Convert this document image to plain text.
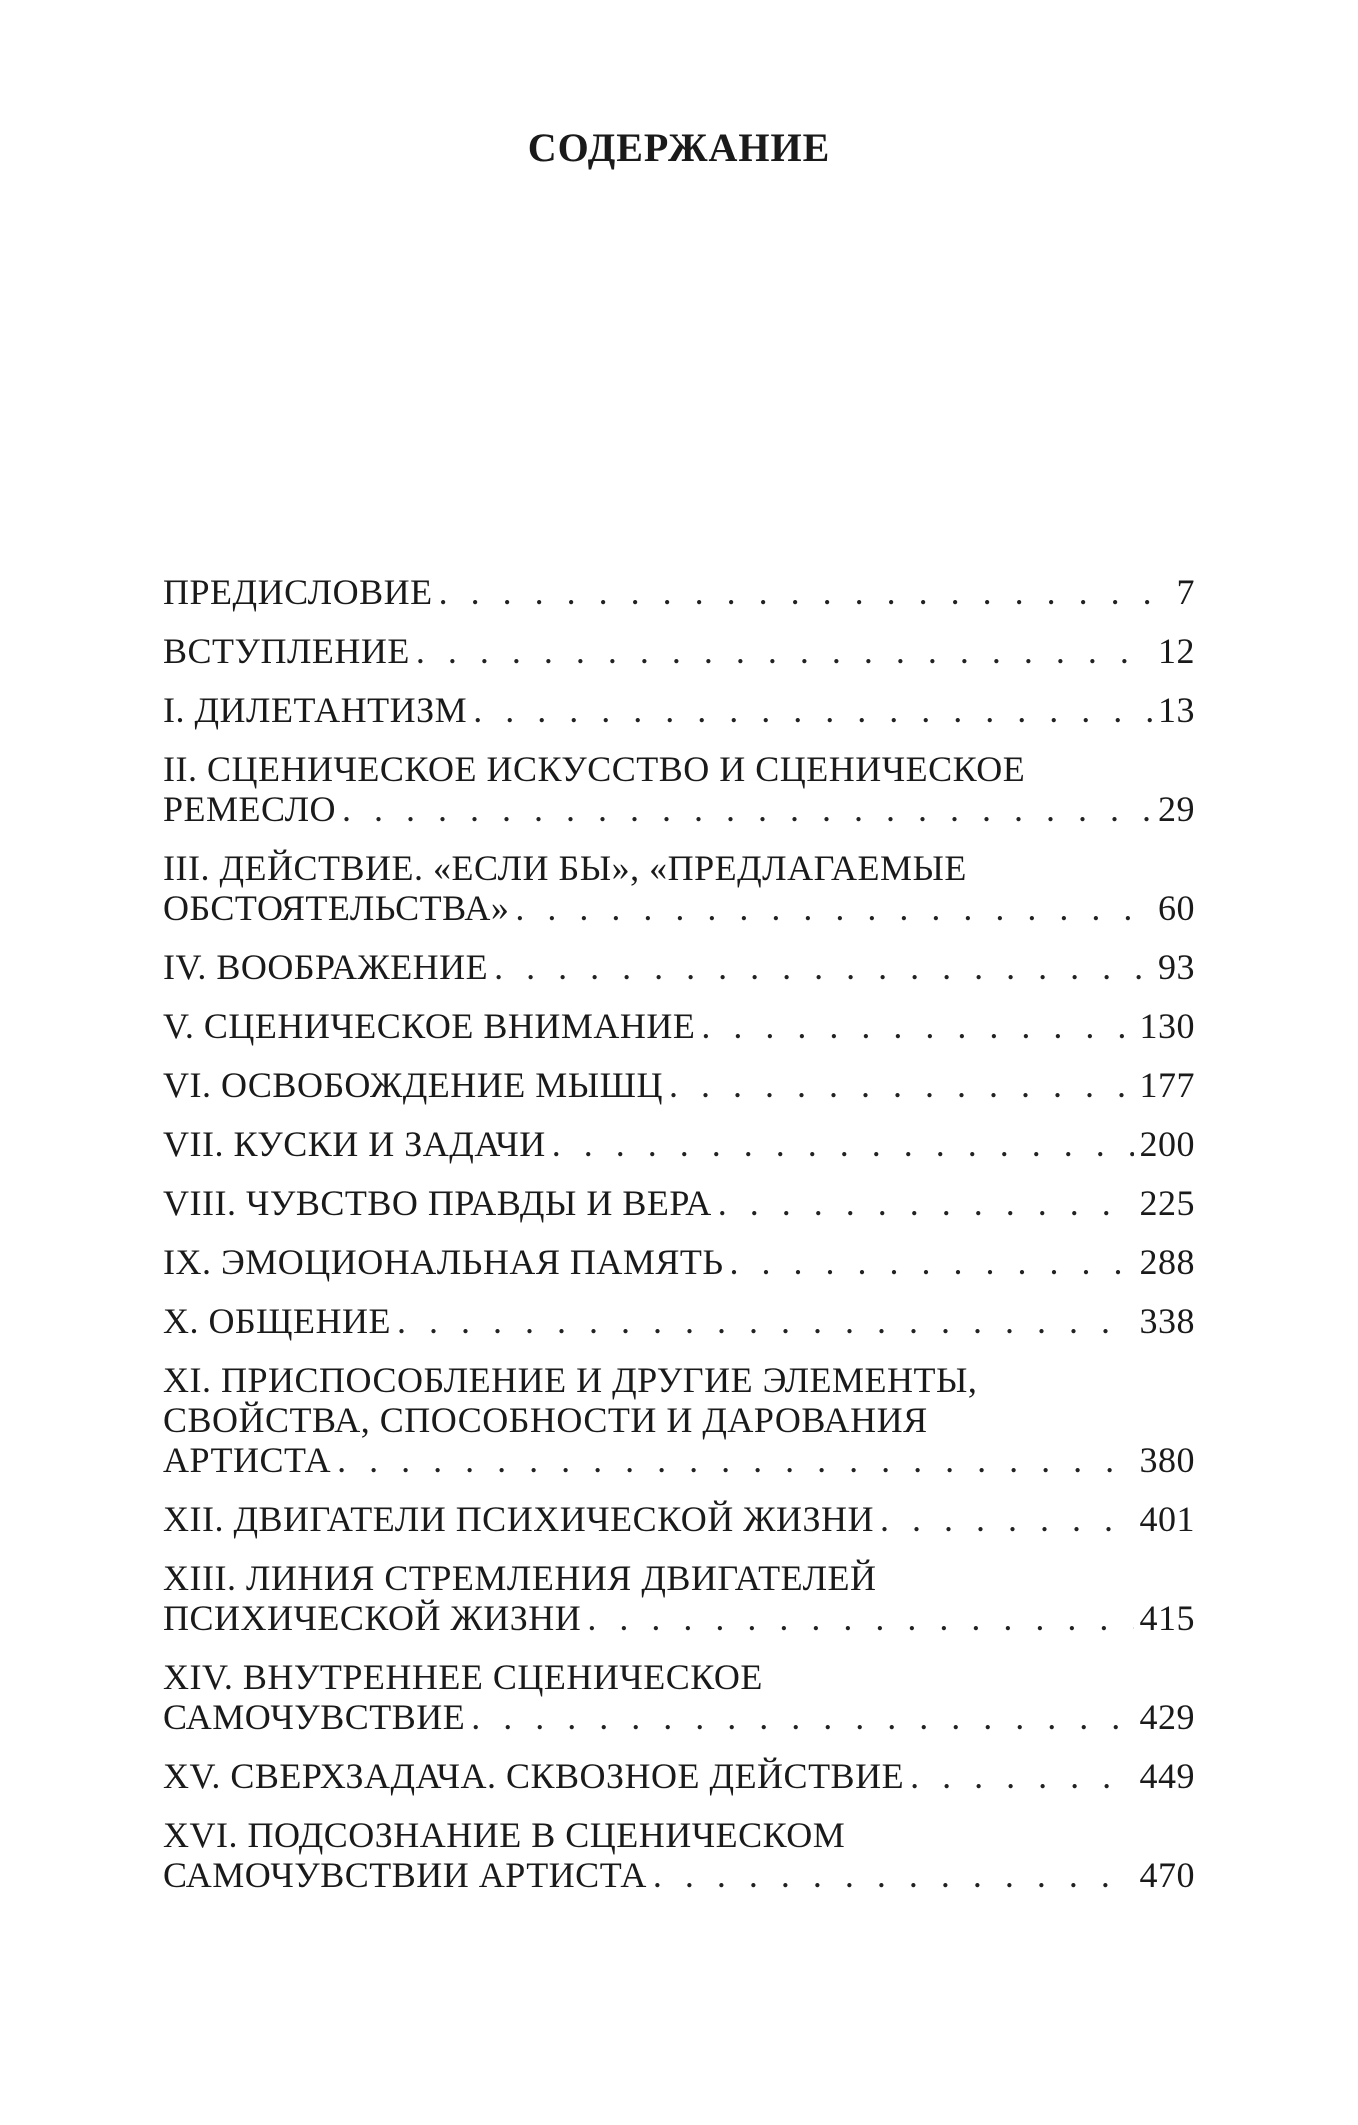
СОДЕРЖАНИЕ
ПРЕДИСЛОВИЕ . . .	7
ВСТУПЛЕНИЕ . . .	12
I. ДИЛЕТАНТИЗМ . . .	13
II. СЦЕНИЧЕСКОЕ ИСКУССТВО И СЦЕНИЧЕСКОЕ
РЕМЕСЛО . . .	29
III. ДЕЙСТВИЕ. «ЕСЛИ БЫ», «ПРЕДЛАГАЕМЫЕ
ОБСТОЯТЕЛЬСТВА» . . .	60
IV. ВООБРАЖЕНИЕ . . .	93
V. СЦЕНИЧЕСКОЕ ВНИМАНИЕ . . .	130
VI. ОСВОБОЖДЕНИЕ МЫШЦ . . .	177
VII. КУСКИ И ЗАДАЧИ . . .	200
VIII. ЧУВСТВО ПРАВДЫ И ВЕРА . . .	225
IX. ЭМОЦИОНАЛЬНАЯ ПАМЯТЬ . . .	288
X. ОБЩЕНИЕ . . .	338
XI. ПРИСПОСОБЛЕНИЕ И ДРУГИЕ ЭЛЕМЕНТЫ, СВОЙСТВА, СПОСОБНОСТИ И ДАРОВАНИЯ
АРТИСТА . . .	380
XII. ДВИГАТЕЛИ ПСИХИЧЕСКОЙ ЖИЗНИ . . .	401
XIII. ЛИНИЯ СТРЕМЛЕНИЯ ДВИГАТЕЛЕЙ
ПСИХИЧЕСКОЙ ЖИЗНИ . . .	415
XIV. ВНУТРЕННЕЕ СЦЕНИЧЕСКОЕ
САМОЧУВСТВИЕ . . .	429
XV. СВЕРХЗАДАЧА. СКВОЗНОЕ ДЕЙСТВИЕ . . .	449
XVI. ПОДСОЗНАНИЕ В СЦЕНИЧЕСКОМ
САМОЧУВСТВИИ АРТИСТА . . .	470
